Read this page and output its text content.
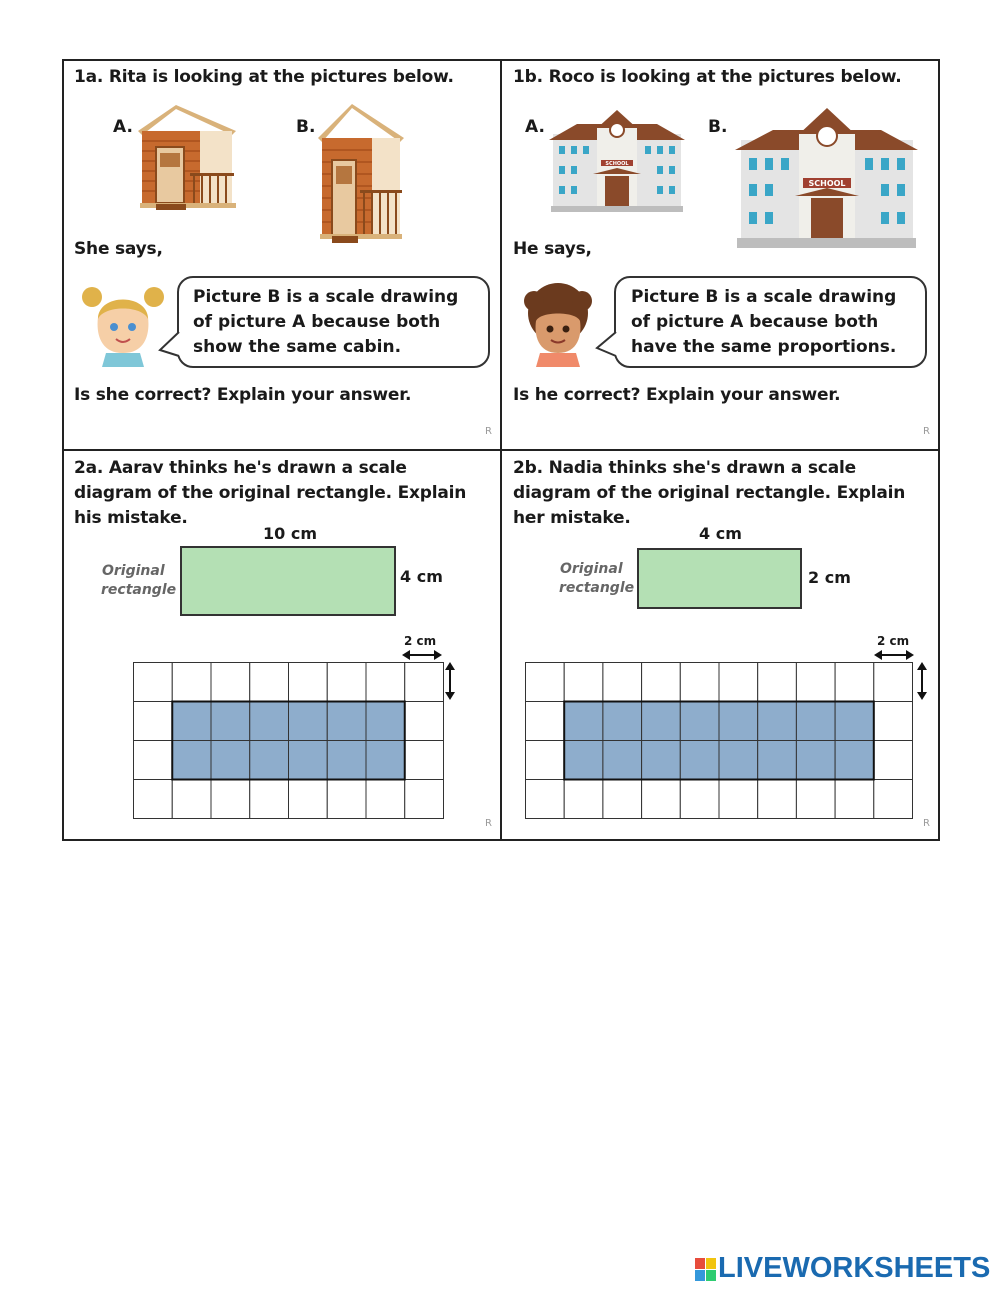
1a. Rita is looking at the pictures below.
A.	B.
She says,
Picture B is a scale drawing
of picture A because both
show the same cabin.
Is she correct? Explain your answer.
R
1b. Roco is looking at the pictures below.
A.	B.
SCHOOL
SCHOOL
He says,
Picture B is a scale drawing
of picture A because both
have the same proportions.
Is he correct? Explain your answer.
R
2a. Aarav thinks he's drawn a scale
diagram of the original rectangle. Explain
his mistake.
10 cm
Original
rectangle
4 cm
2 cm
R
2b. Nadia thinks she's drawn a scale
diagram of the original rectangle. Explain
her mistake.
4 cm
Original
rectangle
2 cm
2 cm
R
LIVEWORKSHEETS
